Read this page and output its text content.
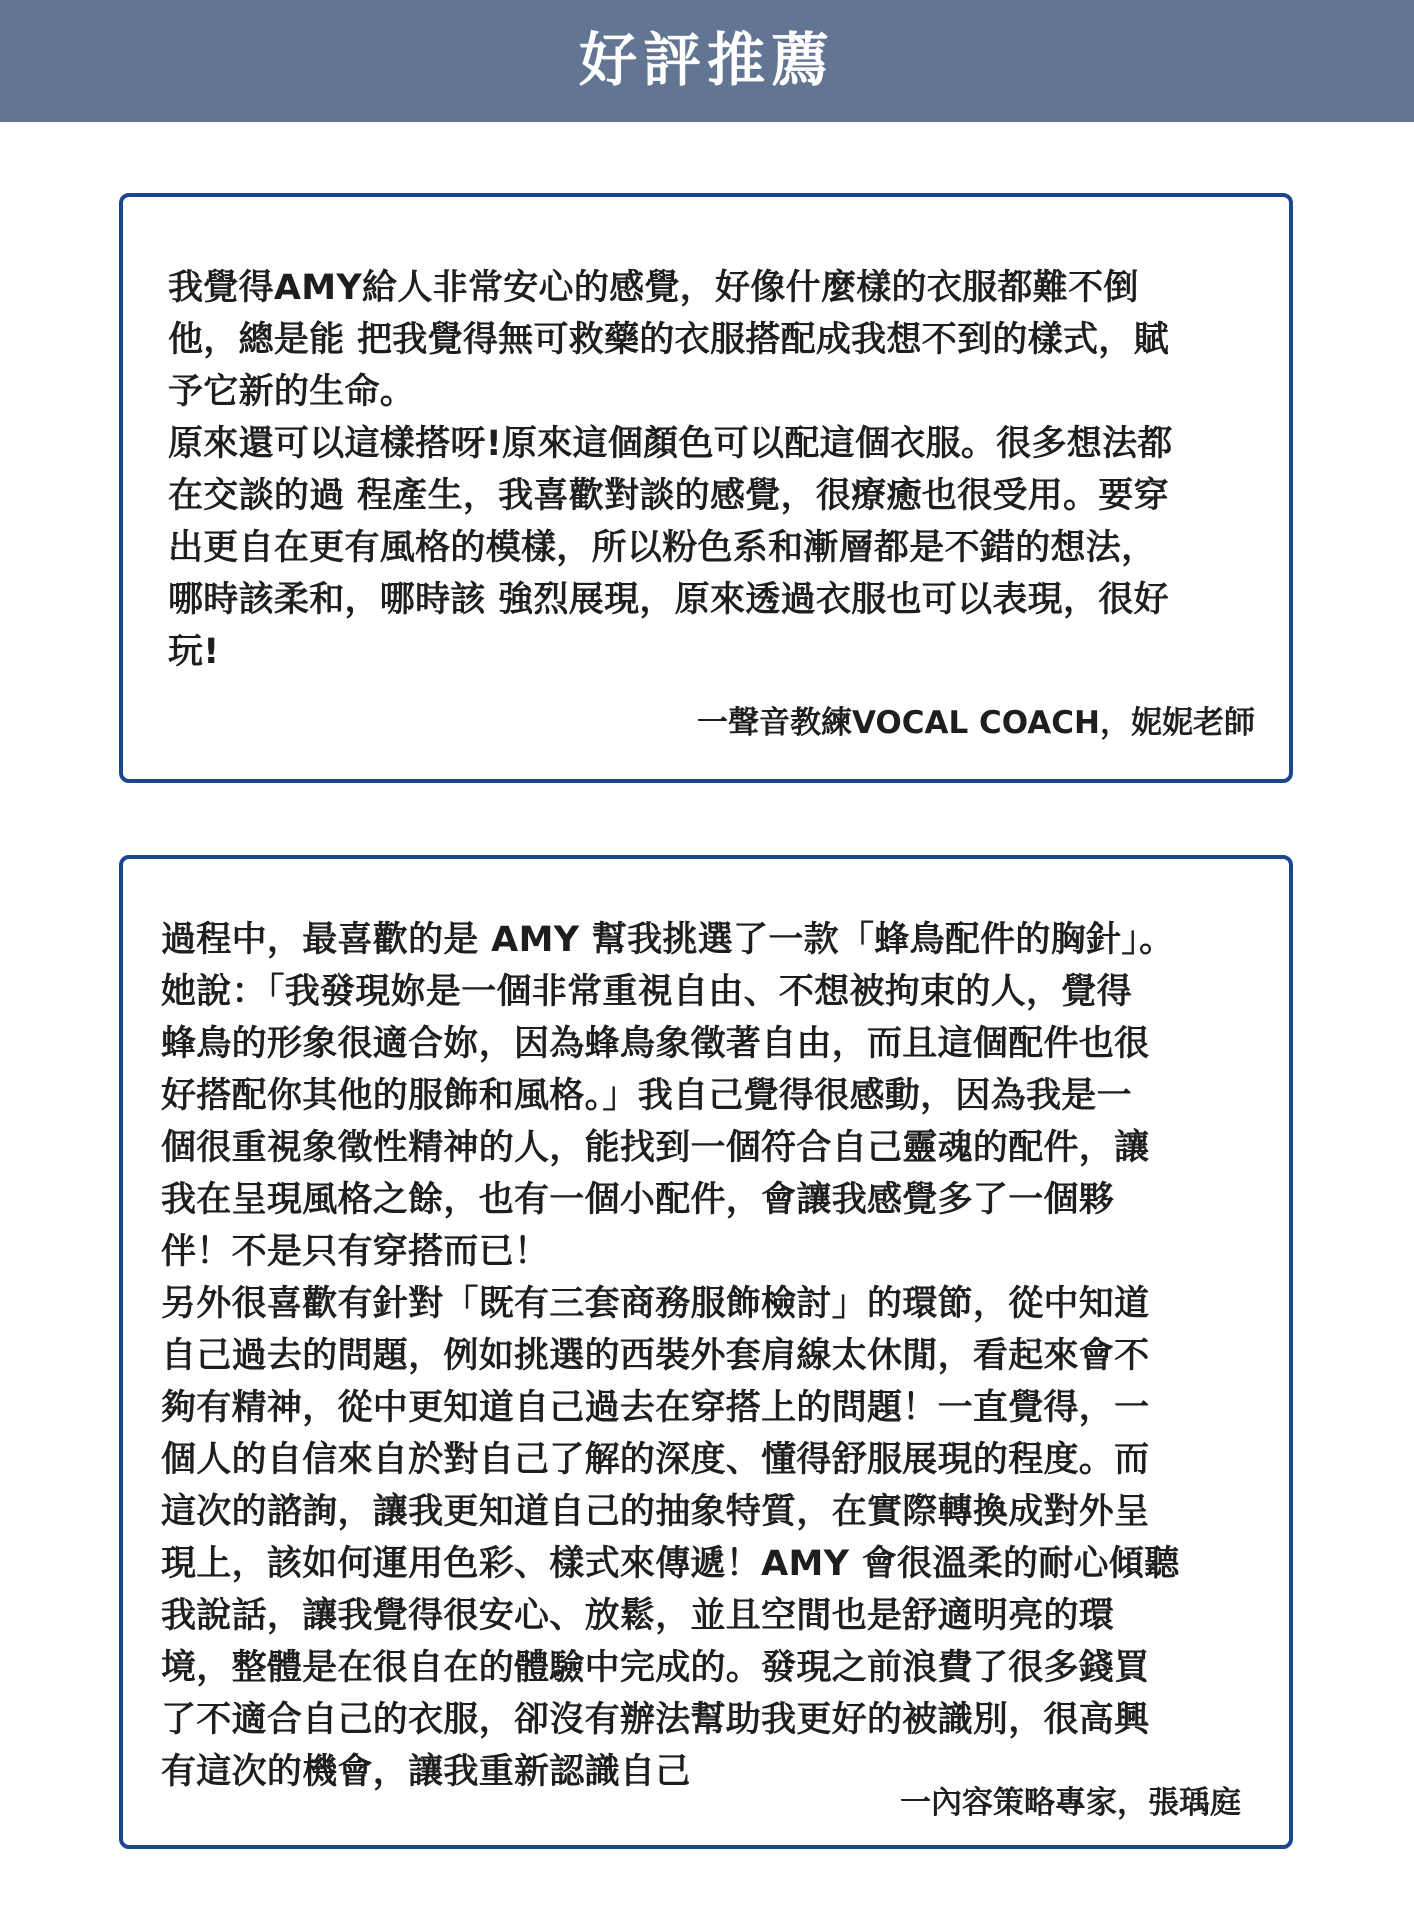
好評推薦

我覺得AMY給人非常安心的感覺，好像什麼樣的衣服都難不倒
他，總是能 把我覺得無可救藥的衣服搭配成我想不到的樣式，賦
予它新的生命。
原來還可以這樣搭呀!原來這個顏色可以配這個衣服。很多想法都
在交談的過 程產生，我喜歡對談的感覺，很療癒也很受用。要穿
出更自在更有風格的模樣，所以粉色系和漸層都是不錯的想法，
哪時該柔和，哪時該 強烈展現，原來透過衣服也可以表現，很好
玩!

一聲音教練VOCAL COACH，妮妮老師

過程中，最喜歡的是 AMY 幫我挑選了一款「蜂鳥配件的胸針」。
她說：「我發現妳是一個非常重視自由、不想被拘束的人，覺得
蜂鳥的形象很適合妳，因為蜂鳥象徵著自由，而且這個配件也很
好搭配你其他的服飾和風格。」我自己覺得很感動，因為我是一
個很重視象徵性精神的人，能找到一個符合自己靈魂的配件，讓
我在呈現風格之餘，也有一個小配件，會讓我感覺多了一個夥
伴！不是只有穿搭而已！
另外很喜歡有針對「既有三套商務服飾檢討」的環節，從中知道
自己過去的問題，例如挑選的西裝外套肩線太休閒，看起來會不
夠有精神，從中更知道自己過去在穿搭上的問題！一直覺得，一
個人的自信來自於對自己了解的深度、懂得舒服展現的程度。而
這次的諮詢，讓我更知道自己的抽象特質，在實際轉換成對外呈
現上，該如何運用色彩、樣式來傳遞！AMY 會很溫柔的耐心傾聽
我說話，讓我覺得很安心、放鬆，並且空間也是舒適明亮的環
境，整體是在很自在的體驗中完成的。發現之前浪費了很多錢買
了不適合自己的衣服，卻沒有辦法幫助我更好的被識別，很高興
有這次的機會，讓我重新認識自己

一內容策略專家，張瑀庭
